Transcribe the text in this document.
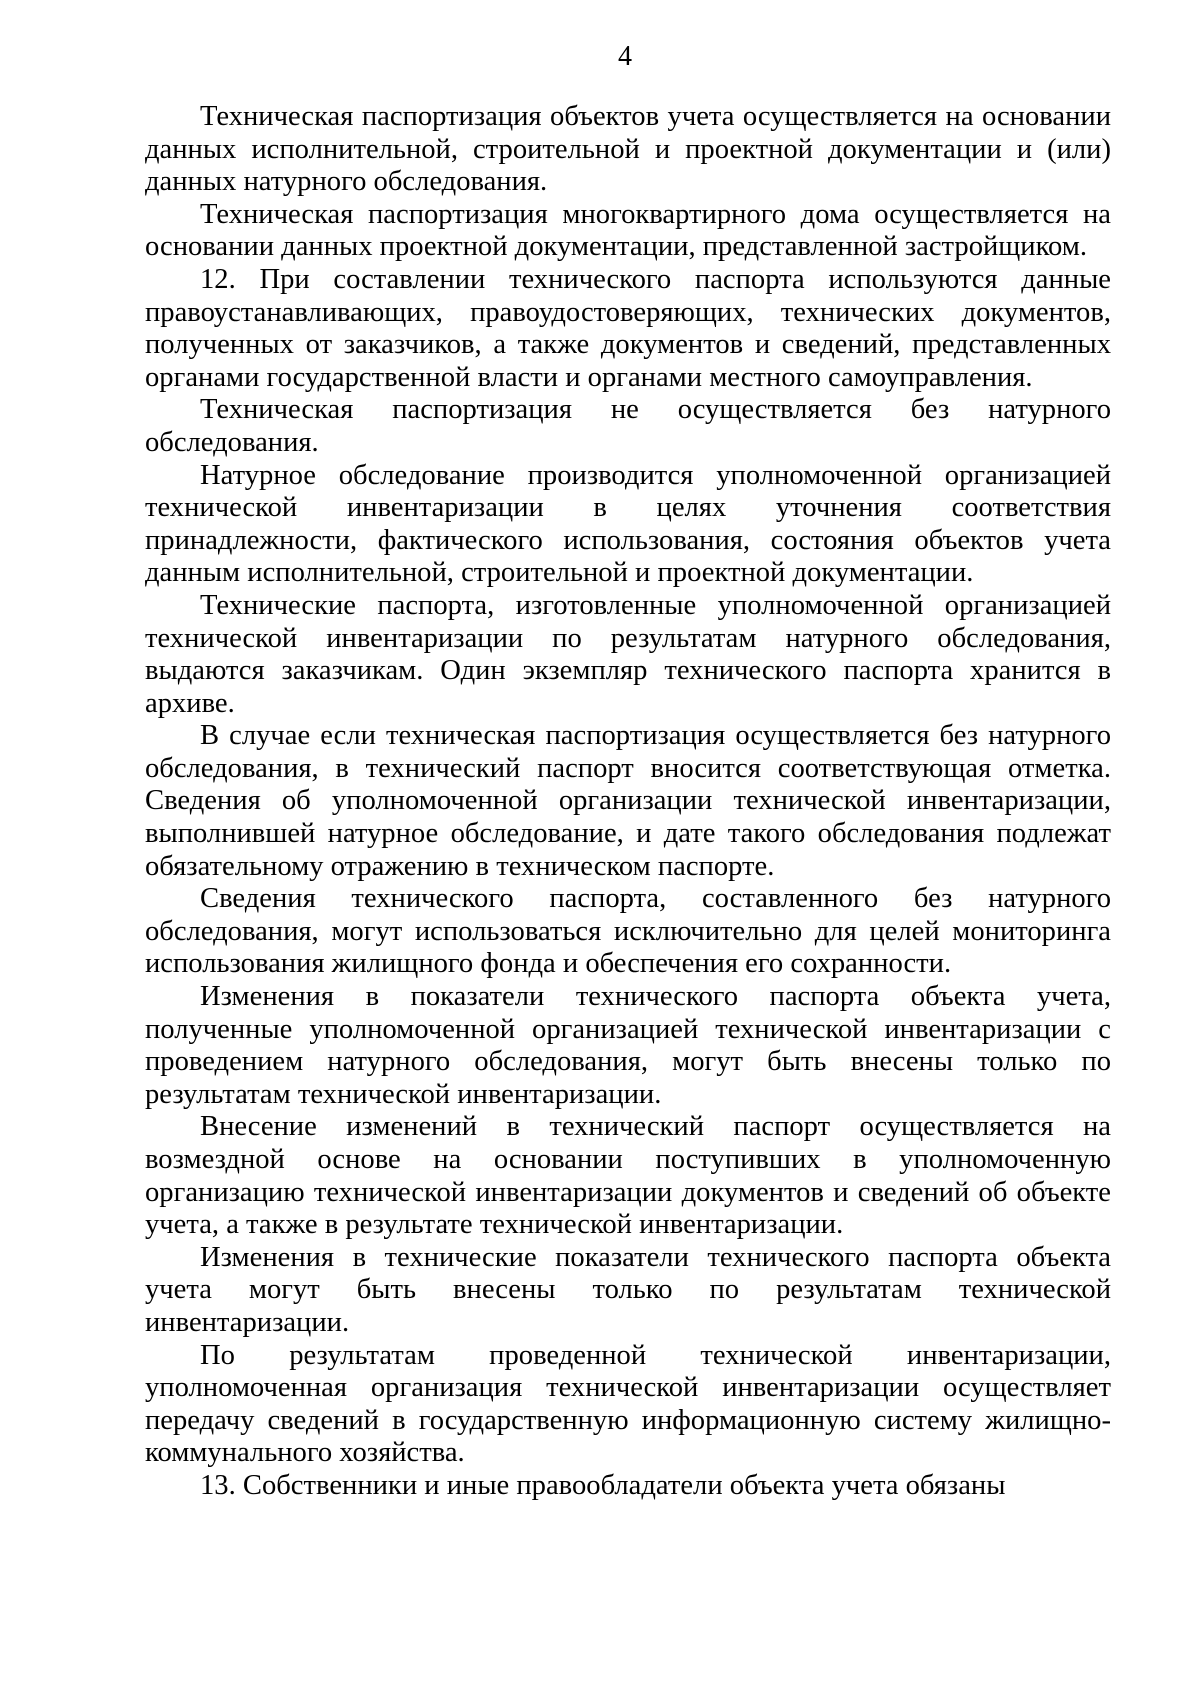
4

Техническая паспортизация объектов учета осуществляется на основании данных исполнительной, строительной и проектной документации и (или) данных натурного обследования.

Техническая паспортизация многоквартирного дома осуществляется на основании данных проектной документации, представленной застройщиком.

12. При составлении технического паспорта используются данные правоустанавливающих, правоудостоверяющих, технических документов, полученных от заказчиков, а также документов и сведений, представленных органами государственной власти и органами местного самоуправления.

Техническая паспортизация не осуществляется без натурного обследования.

Натурное обследование производится уполномоченной организацией технической инвентаризации в целях уточнения соответствия принадлежности, фактического использования, состояния объектов учета данным исполнительной, строительной и проектной документации.

Технические паспорта, изготовленные уполномоченной организацией технической инвентаризации по результатам натурного обследования, выдаются заказчикам. Один экземпляр технического паспорта хранится в архиве.

В случае если техническая паспортизация осуществляется без натурного обследования, в технический паспорт вносится соответствующая отметка. Сведения об уполномоченной организации технической инвентаризации, выполнившей натурное обследование, и дате такого обследования подлежат обязательному отражению в техническом паспорте.

Сведения технического паспорта, составленного без натурного обследования, могут использоваться исключительно для целей мониторинга использования жилищного фонда и обеспечения его сохранности.

Изменения в показатели технического паспорта объекта учета, полученные уполномоченной организацией технической инвентаризации с проведением натурного обследования, могут быть внесены только по результатам технической инвентаризации.

Внесение изменений в технический паспорт осуществляется на возмездной основе на основании поступивших в уполномоченную организацию технической инвентаризации документов и сведений об объекте учета, а также в результате технической инвентаризации.

Изменения в технические показатели технического паспорта объекта учета могут быть внесены только по результатам технической инвентаризации.

По результатам проведенной технической инвентаризации, уполномоченная организация технической инвентаризации осуществляет передачу сведений в государственную информационную систему жилищно-коммунального хозяйства.

13. Собственники и иные правообладатели объекта учета обязаны
